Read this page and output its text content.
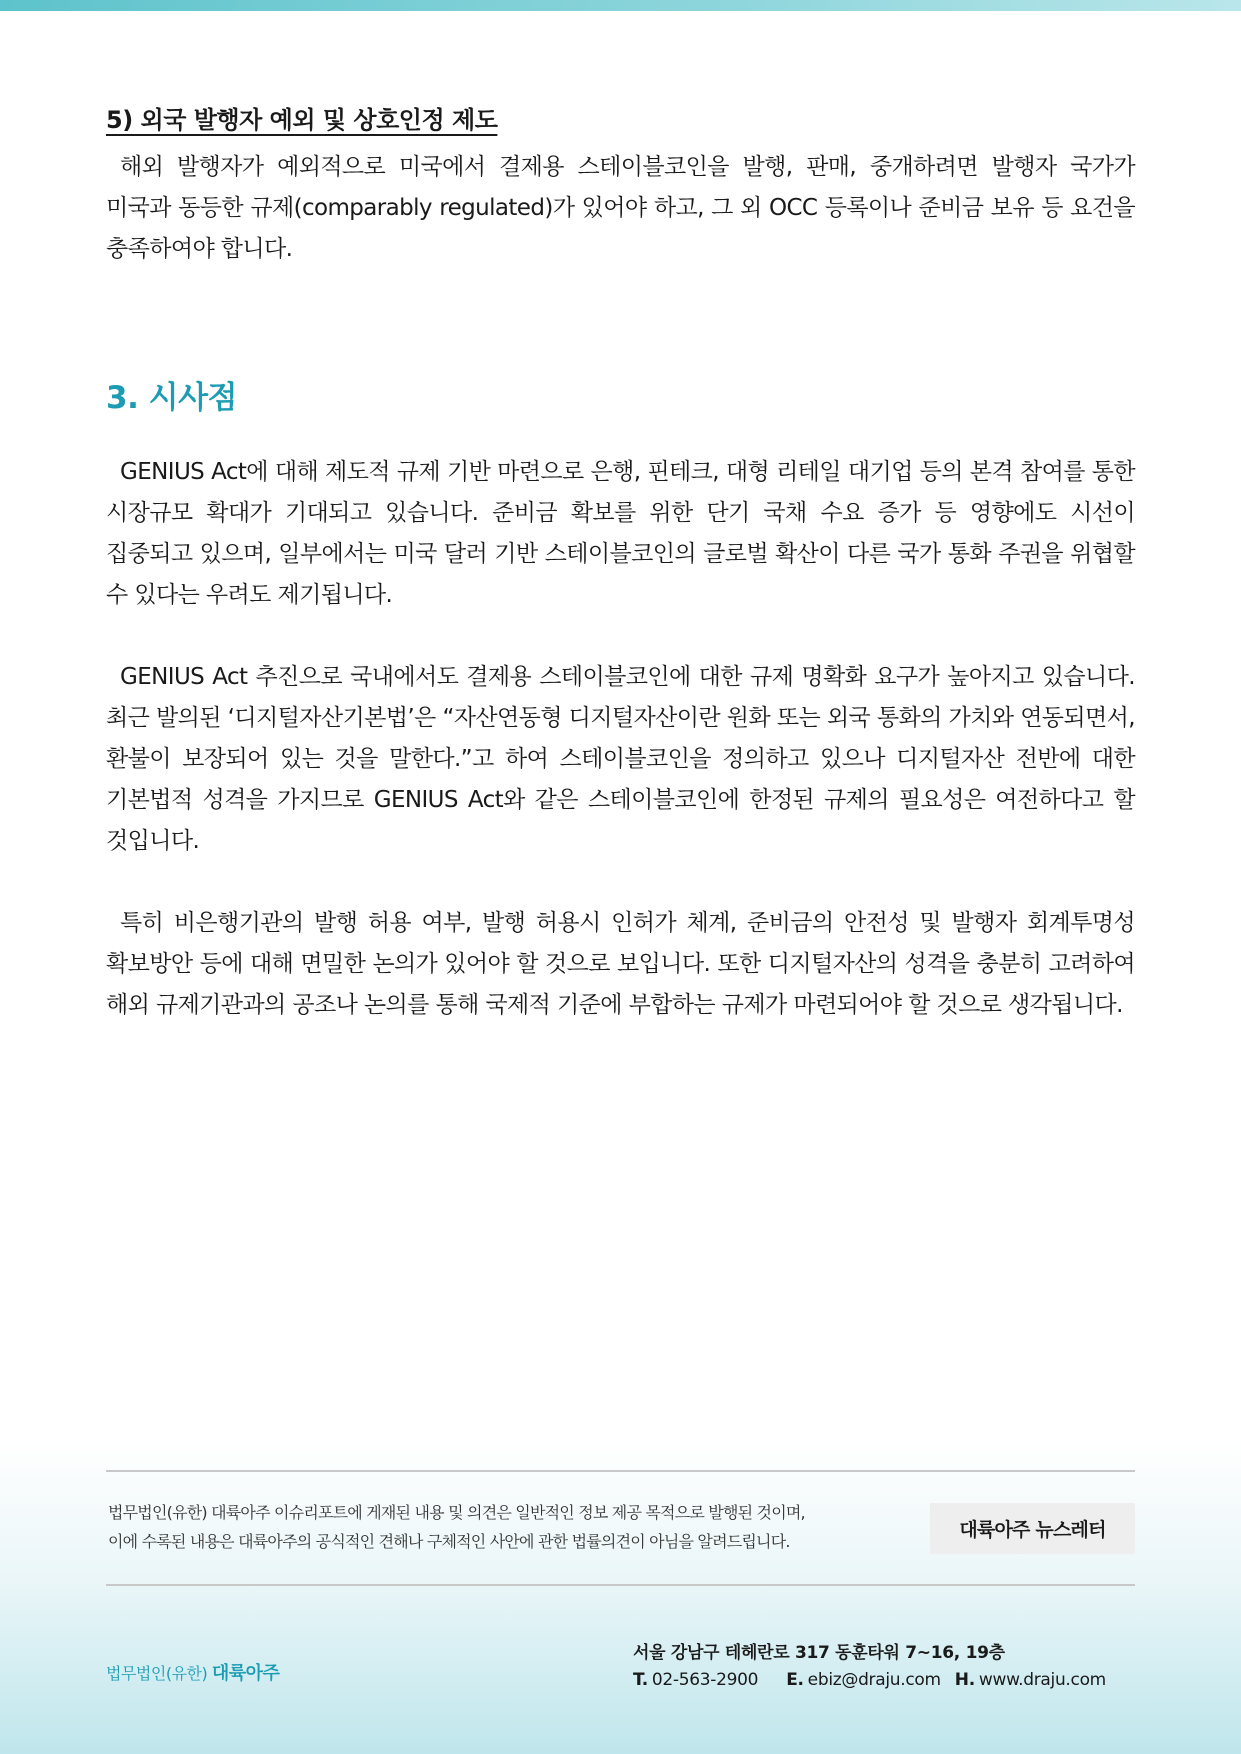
5) 외국 발행자 예외 및 상호인정 제도

해외 발행자가 예외적으로 미국에서 결제용 스테이블코인을 발행, 판매, 중개하려면 발행자 국가가 미국과 동등한 규제(comparably regulated)가 있어야 하고, 그 외 OCC 등록이나 준비금 보유 등 요건을 충족하여야 합니다.

3. 시사점

GENIUS Act에 대해 제도적 규제 기반 마련으로 은행, 핀테크, 대형 리테일 대기업 등의 본격 참여를 통한 시장규모 확대가 기대되고 있습니다. 준비금 확보를 위한 단기 국채 수요 증가 등 영향에도 시선이 집중되고 있으며, 일부에서는 미국 달러 기반 스테이블코인의 글로벌 확산이 다른 국가 통화 주권을 위협할 수 있다는 우려도 제기됩니다.

GENIUS Act 추진으로 국내에서도 결제용 스테이블코인에 대한 규제 명확화 요구가 높아지고 있습니다. 최근 발의된 ‘디지털자산기본법’은 “자산연동형 디지털자산이란 원화 또는 외국 통화의 가치와 연동되면서, 환불이 보장되어 있는 것을 말한다.”고 하여 스테이블코인을 정의하고 있으나 디지털자산 전반에 대한 기본법적 성격을 가지므로 GENIUS Act와 같은 스테이블코인에 한정된 규제의 필요성은 여전하다고 할 것입니다.

특히 비은행기관의 발행 허용 여부, 발행 허용시 인허가 체계, 준비금의 안전성 및 발행자 회계투명성 확보방안 등에 대해 면밀한 논의가 있어야 할 것으로 보입니다. 또한 디지털자산의 성격을 충분히 고려하여 해외 규제기관과의 공조나 논의를 통해 국제적 기준에 부합하는 규제가 마련되어야 할 것으로 생각됩니다.

법무법인(유한) 대륙아주 이슈리포트에 게재된 내용 및 의견은 일반적인 정보 제공 목적으로 발행된 것이며,
이에 수록된 내용은 대륙아주의 공식적인 견해나 구체적인 사안에 관한 법률의견이 아님을 알려드립니다.
대륙아주 뉴스레터
법무법인(유한) 대륙아주
서울 강남구 테헤란로 317 동훈타워 7~16, 19층
T. 02-563-2900 E. ebiz@draju.com H. www.draju.com
